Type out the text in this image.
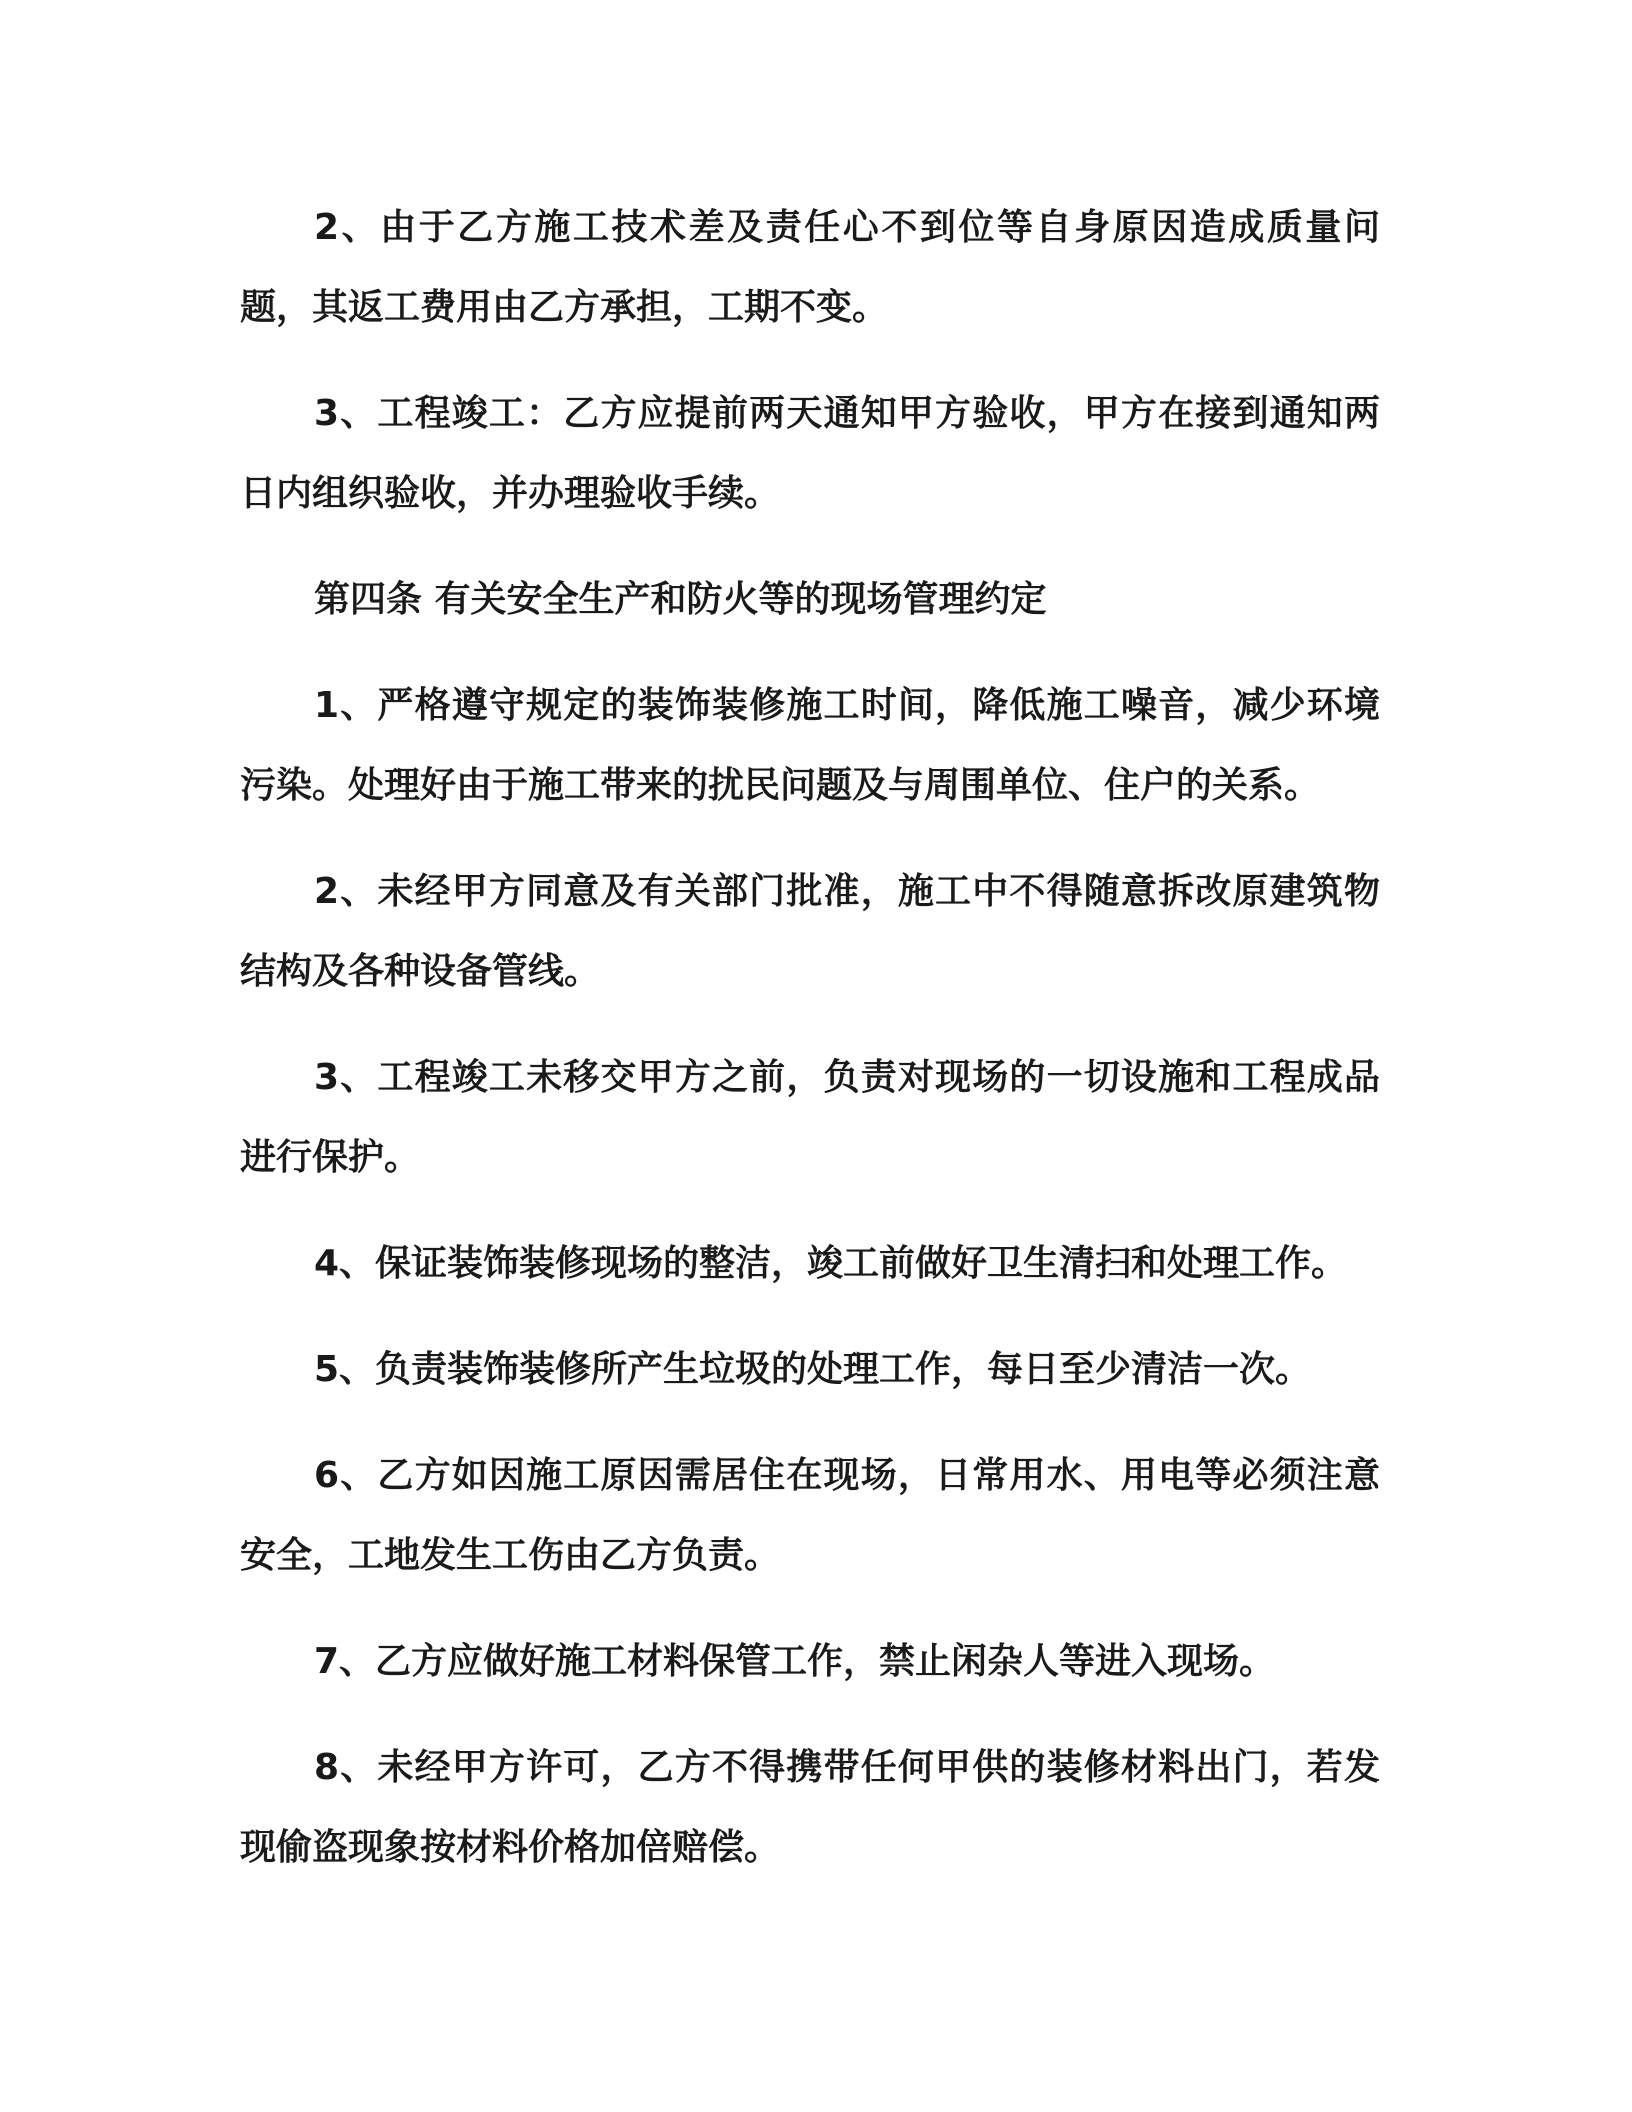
2、由于乙方施工技术差及责任心不到位等自身原因造成质量问题，其返工费用由乙方承担，工期不变。

3、工程竣工：乙方应提前两天通知甲方验收，甲方在接到通知两日内组织验收，并办理验收手续。

第四条 有关安全生产和防火等的现场管理约定

1、严格遵守规定的装饰装修施工时间，降低施工噪音，减少环境污染。处理好由于施工带来的扰民问题及与周围单位、住户的关系。

2、未经甲方同意及有关部门批准，施工中不得随意拆改原建筑物结构及各种设备管线。

3、工程竣工未移交甲方之前，负责对现场的一切设施和工程成品进行保护。

4、保证装饰装修现场的整洁，竣工前做好卫生清扫和处理工作。

5、负责装饰装修所产生垃圾的处理工作，每日至少清洁一次。

6、乙方如因施工原因需居住在现场，日常用水、用电等必须注意安全，工地发生工伤由乙方负责。

7、乙方应做好施工材料保管工作，禁止闲杂人等进入现场。

8、未经甲方许可，乙方不得携带任何甲供的装修材料出门，若发现偷盗现象按材料价格加倍赔偿。
